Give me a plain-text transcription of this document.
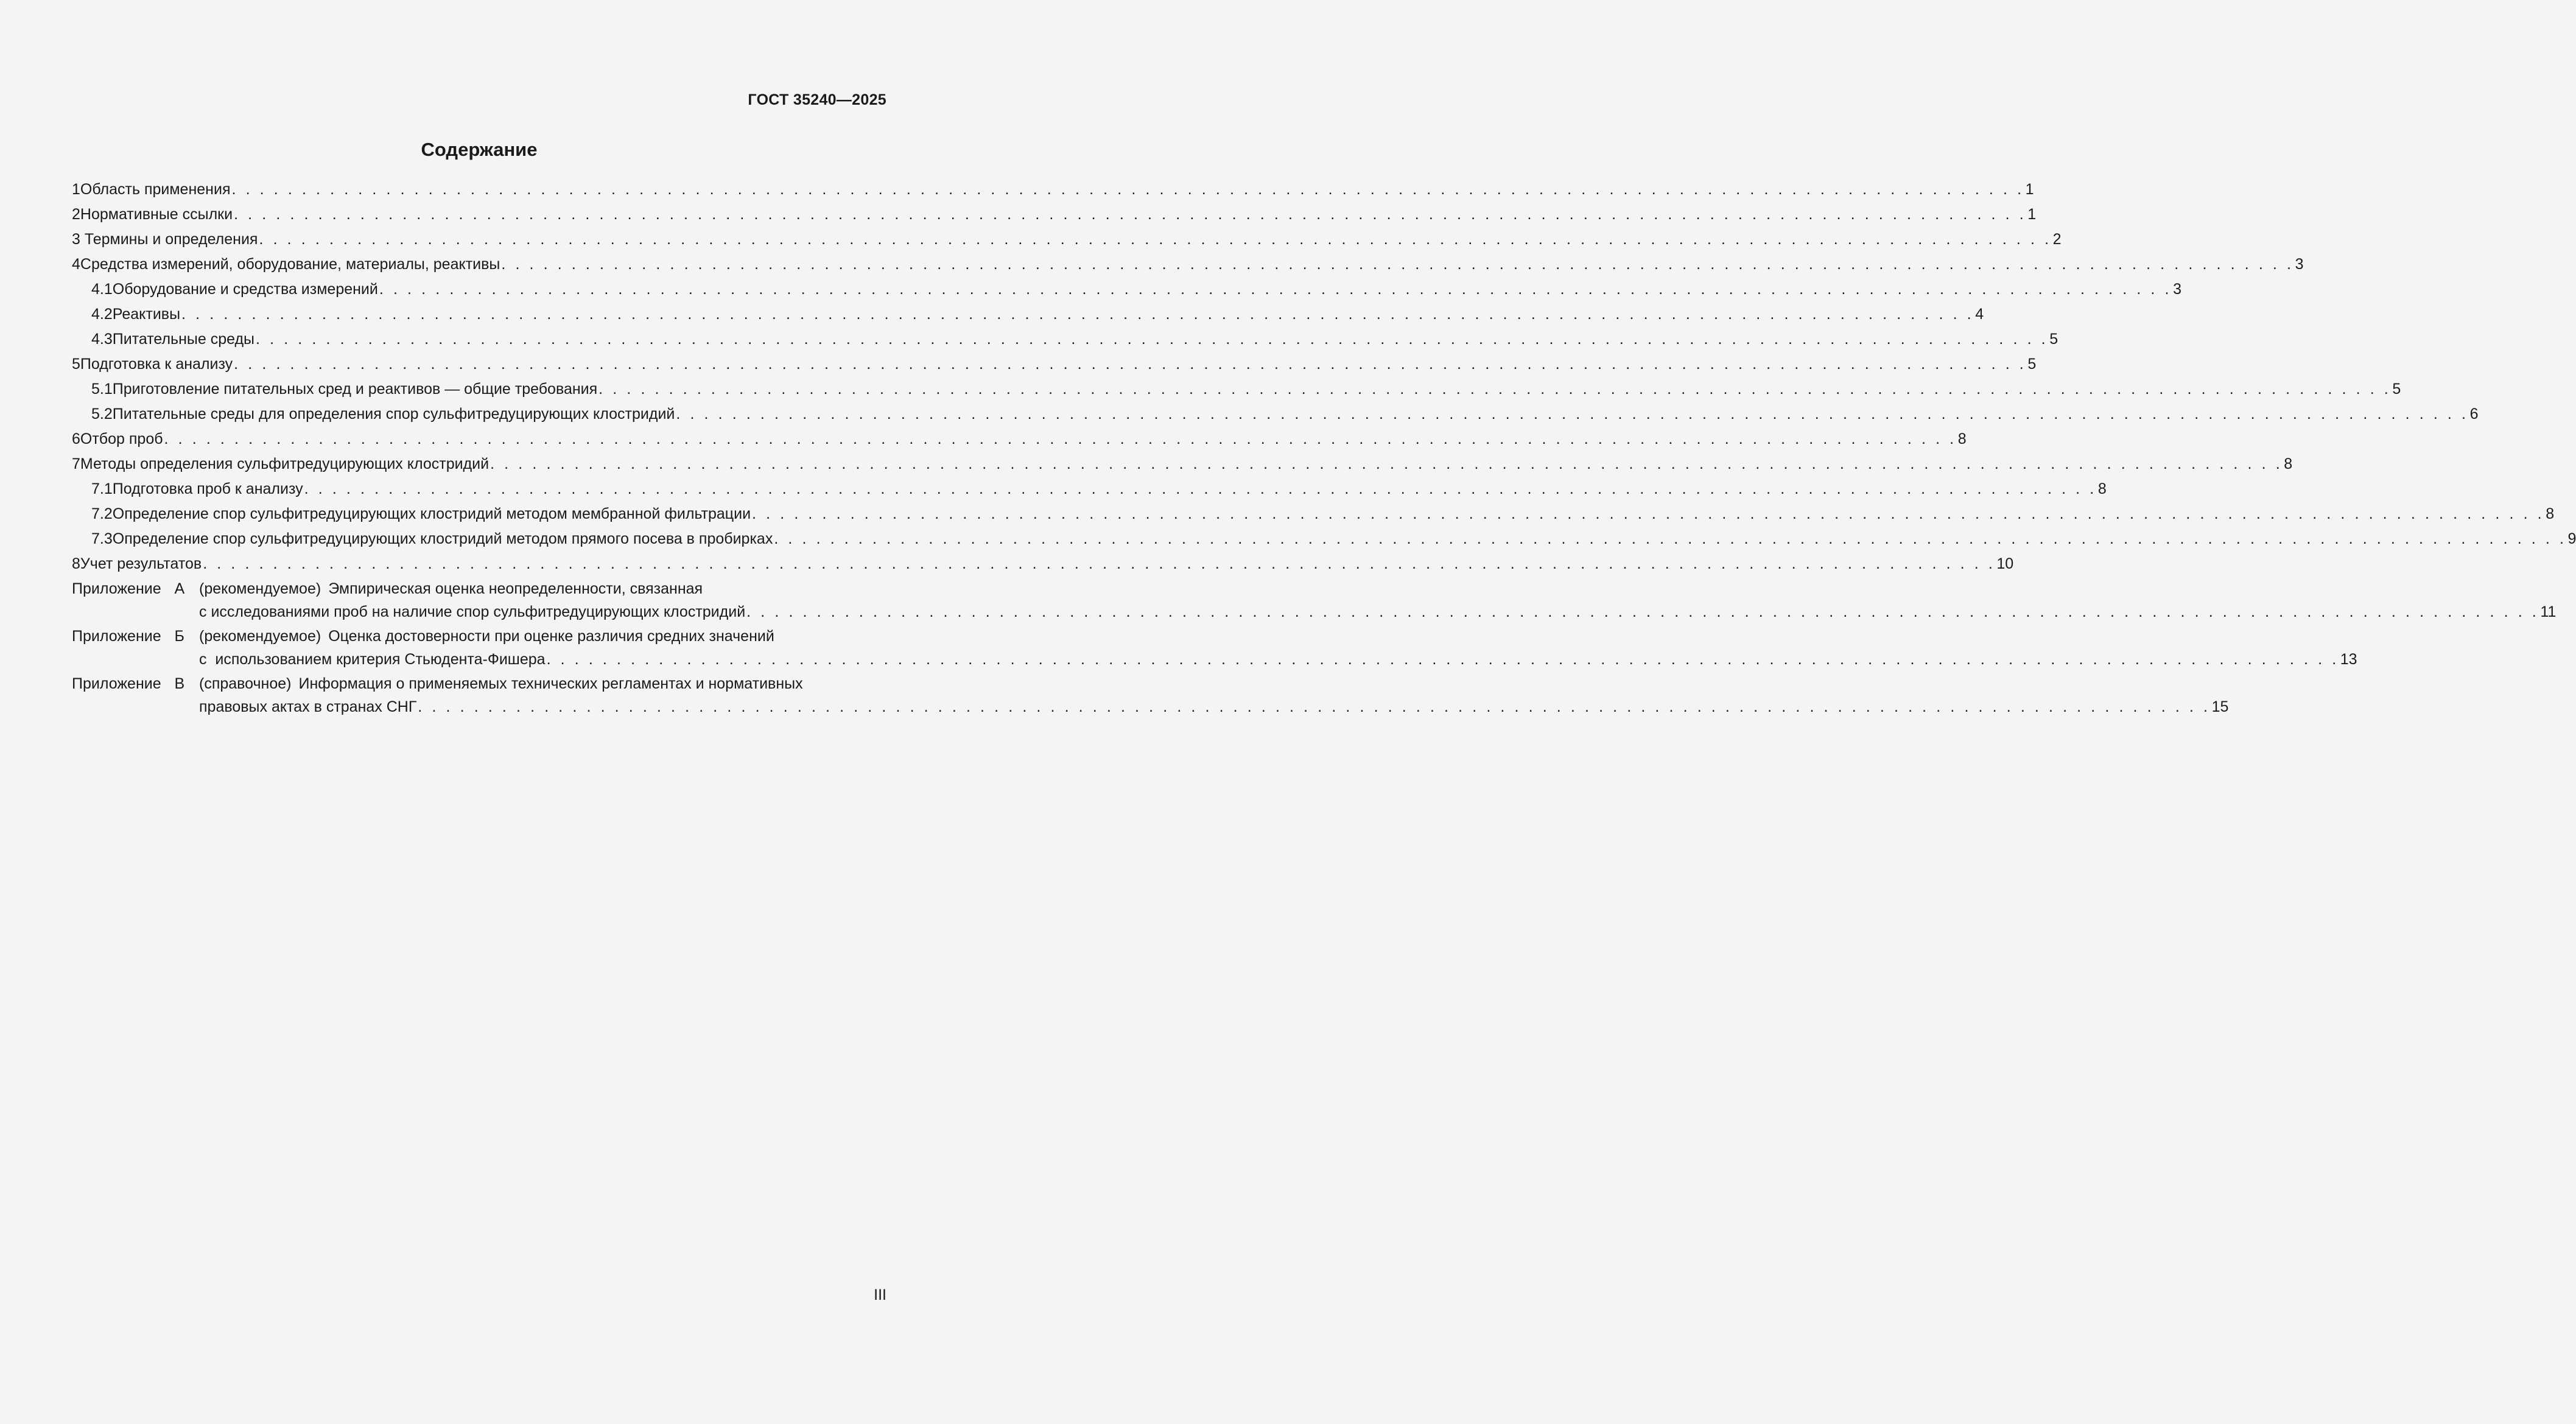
ГОСТ 35240—2025
Содержание
1 Область применения . . .	1
2 Нормативные ссылки . . .	1
3 Термины и определения . . .	2
4 Средства измерений, оборудование, материалы, реактивы . . .	3
4.1 Оборудование и средства измерений . . .	3
4.2 Реактивы . . .	4
4.3 Питательные среды . . .	5
5 Подготовка к анализу . . .	5
5.1 Приготовление питательных сред и реактивов — общие требования . . .	5
5.2 Питательные среды для определения спор сульфитредуцирующих клостридий . . .	6
6 Отбор проб . . .	8
7 Методы определения сульфитредуцирующих клостридий . . .	8
7.1 Подготовка проб к анализу . . .	8
7.2 Определение спор сульфитредуцирующих клостридий методом мембранной фильтрации . . .	8
7.3 Определение спор сульфитредуцирующих клостридий методом прямого посева в пробирках . . .	9
8 Учет результатов . . .	10
Приложение  А (рекомендуемое) Эмпирическая оценка неопределенности, связанная
с исследованиями проб на наличие спор сульфитредуцирующих клостридий . . .	11
Приложение  Б (рекомендуемое) Оценка достоверности при оценке различия средних значений
с  использованием критерия Стьюдента-Фишера . . .	13
Приложение  В (справочное) Информация о применяемых технических регламентах и нормативных
правовых актах в странах СНГ . . .	15
III
